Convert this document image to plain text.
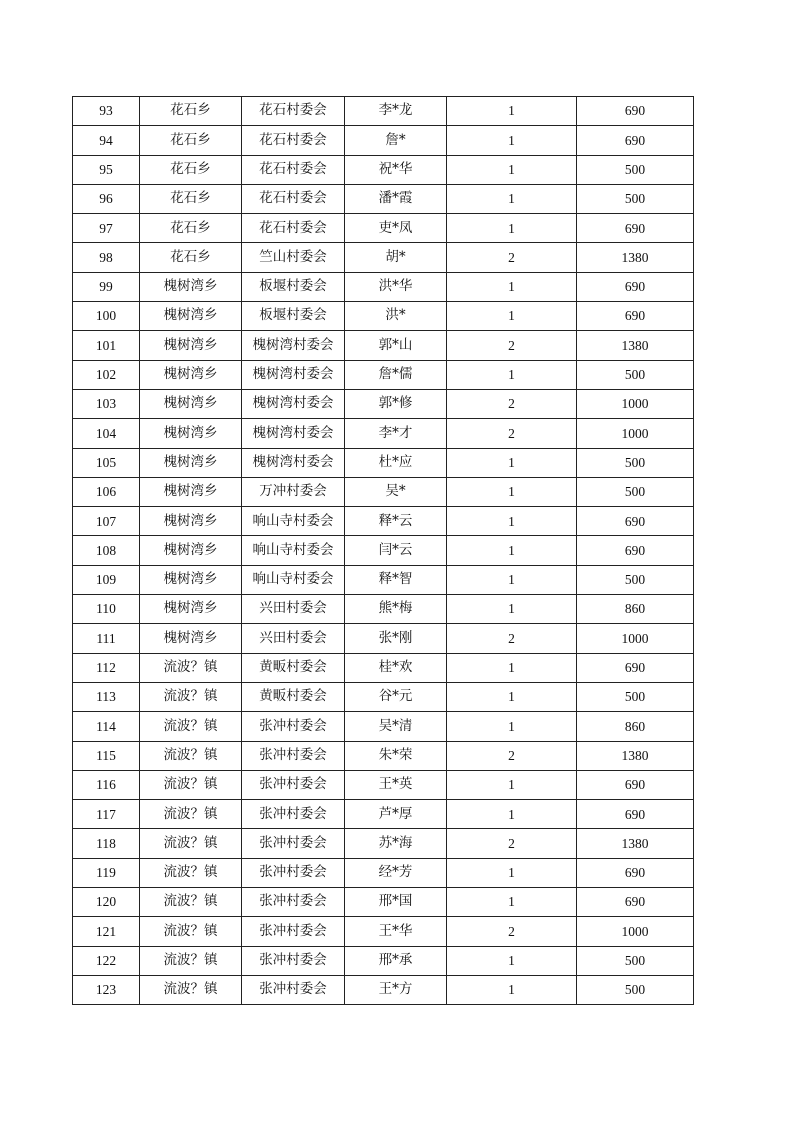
93	花石乡	花石村委会	李*龙	1	690
94	花石乡	花石村委会	詹*	1	690
95	花石乡	花石村委会	祝*华	1	500
96	花石乡	花石村委会	潘*霞	1	500
97	花石乡	花石村委会	吏*凤	1	690
98	花石乡	竺山村委会	胡*	2	1380
99	槐树湾乡	板堰村委会	洪*华	1	690
100	槐树湾乡	板堰村委会	洪*	1	690
101	槐树湾乡	槐树湾村委会	郭*山	2	1380
102	槐树湾乡	槐树湾村委会	詹*儒	1	500
103	槐树湾乡	槐树湾村委会	郭*修	2	1000
104	槐树湾乡	槐树湾村委会	李*才	2	1000
105	槐树湾乡	槐树湾村委会	杜*应	1	500
106	槐树湾乡	万冲村委会	吴*	1	500
107	槐树湾乡	响山寺村委会	释*云	1	690
108	槐树湾乡	响山寺村委会	闫*云	1	690
109	槐树湾乡	响山寺村委会	释*智	1	500
110	槐树湾乡	兴田村委会	熊*梅	1	860
111	槐树湾乡	兴田村委会	张*刚	2	1000
112	流波？镇	黄畈村委会	桂*欢	1	690
113	流波？镇	黄畈村委会	谷*元	1	500
114	流波？镇	张冲村委会	吴*清	1	860
115	流波？镇	张冲村委会	朱*荣	2	1380
116	流波？镇	张冲村委会	王*英	1	690
117	流波？镇	张冲村委会	芦*厚	1	690
118	流波？镇	张冲村委会	苏*海	2	1380
119	流波？镇	张冲村委会	经*芳	1	690
120	流波？镇	张冲村委会	邢*国	1	690
121	流波？镇	张冲村委会	王*华	2	1000
122	流波？镇	张冲村委会	邢*承	1	500
123	流波？镇	张冲村委会	王*方	1	500
